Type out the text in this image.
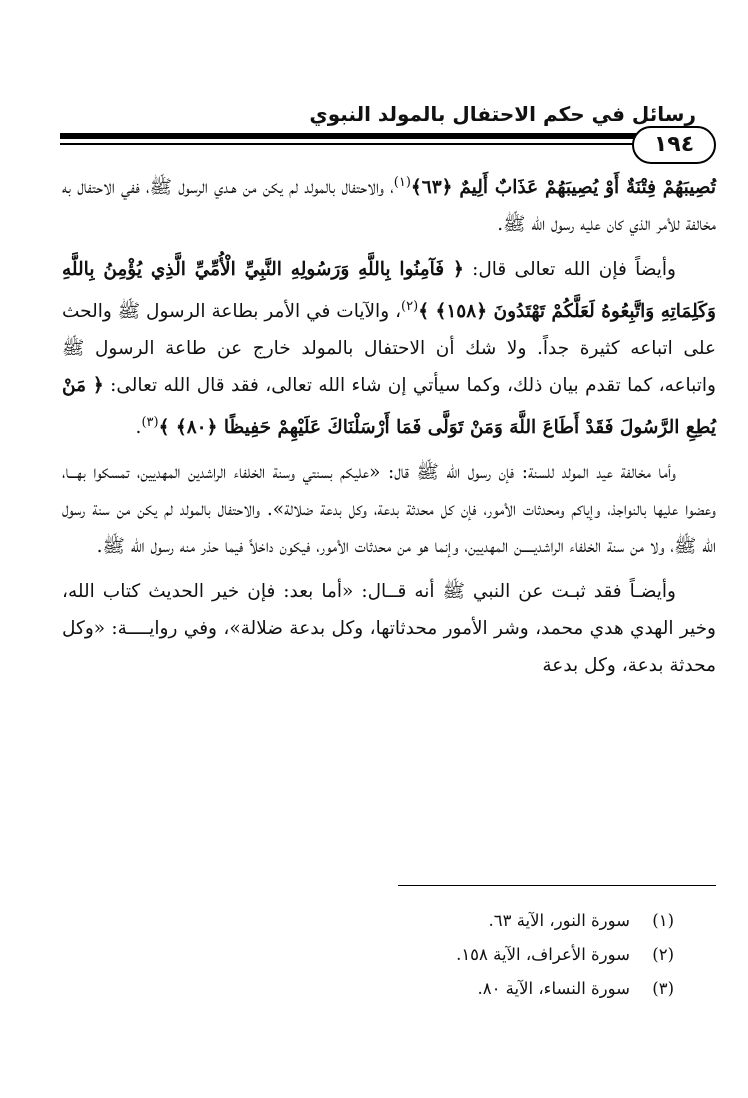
رسائل في حكم الاحتفال بالمولد النبوي
١٩٤

تُصِيبَهُمْ فِتْنَةٌ أَوْ يُصِيبَهُمْ عَذَابٌ أَلِيمٌ ﴿٦٣﴾$^{(١)}$، والاحتفال بالمولد لم يكن من هـدي الرسول ﷺ، ففي الاحتفال به مخالفة للأمر الذي كان عليه رسول الله ﷺ.

وأيضاً فإن الله تعالى قال: ﴿ فَآمِنُوا بِاللَّهِ وَرَسُولِهِ النَّبِيِّ الْأُمِّيِّ الَّذِي يُؤْمِنُ بِاللَّهِ وَكَلِمَاتِهِ وَاتَّبِعُوهُ لَعَلَّكُمْ تَهْتَدُونَ ﴿١٥٨﴾ ﴾$^{(٢)}$، والآيات في الأمر بطاعة الرسول ﷺ والحث على اتباعه كثيرة جداً. ولا شك أن الاحتفال بالمولد خارج عن طاعة الرسول ﷺ واتباعه، كما تقدم بيان ذلك، وكما سيأتي إن شاء الله تعالى، فقد قال الله تعالى: ﴿ مَنْ يُطِعِ الرَّسُولَ فَقَدْ أَطَاعَ اللَّهَ وَمَنْ تَوَلَّى فَمَا أَرْسَلْنَاكَ عَلَيْهِمْ حَفِيظًا ﴿٨٠﴾ ﴾$^{(٣)}$.

وأما مخالفة عيد المولد للسنة: فإن رسول الله ﷺ قال: «عليكم بسنتي وسنة الخلفاء الراشدين المهديين، تمسكوا بهـــا، وعضوا عليها بالنواجذ، وإياكم ومحدثات الأمور، فإن كل محدثة بدعة، وكل بدعة ضلالة». والاحتفال بالمولد لم يكن من سنة رسول الله ﷺ، ولا من سنة الخلفاء الراشديـــــن المهديين، وإنما هو من محدثات الأمور، فيكون داخلاً فيما حذر منه رسول الله ﷺ.

وأيضـاً فقد ثبـت عن النبي ﷺ أنه قــال: «أما بعد: فإن خير الحديث كتاب الله، وخير الهدي هدي محمد، وشر الأمور محدثاتها، وكل بدعة ضلالة»، وفي روايــــة: «وكل محدثة بدعة، وكل بدعة

(١)سورة النور، الآية ٦٣.
(٢)سورة الأعراف، الآية ١٥٨.
(٣)سورة النساء، الآية ٨٠.
